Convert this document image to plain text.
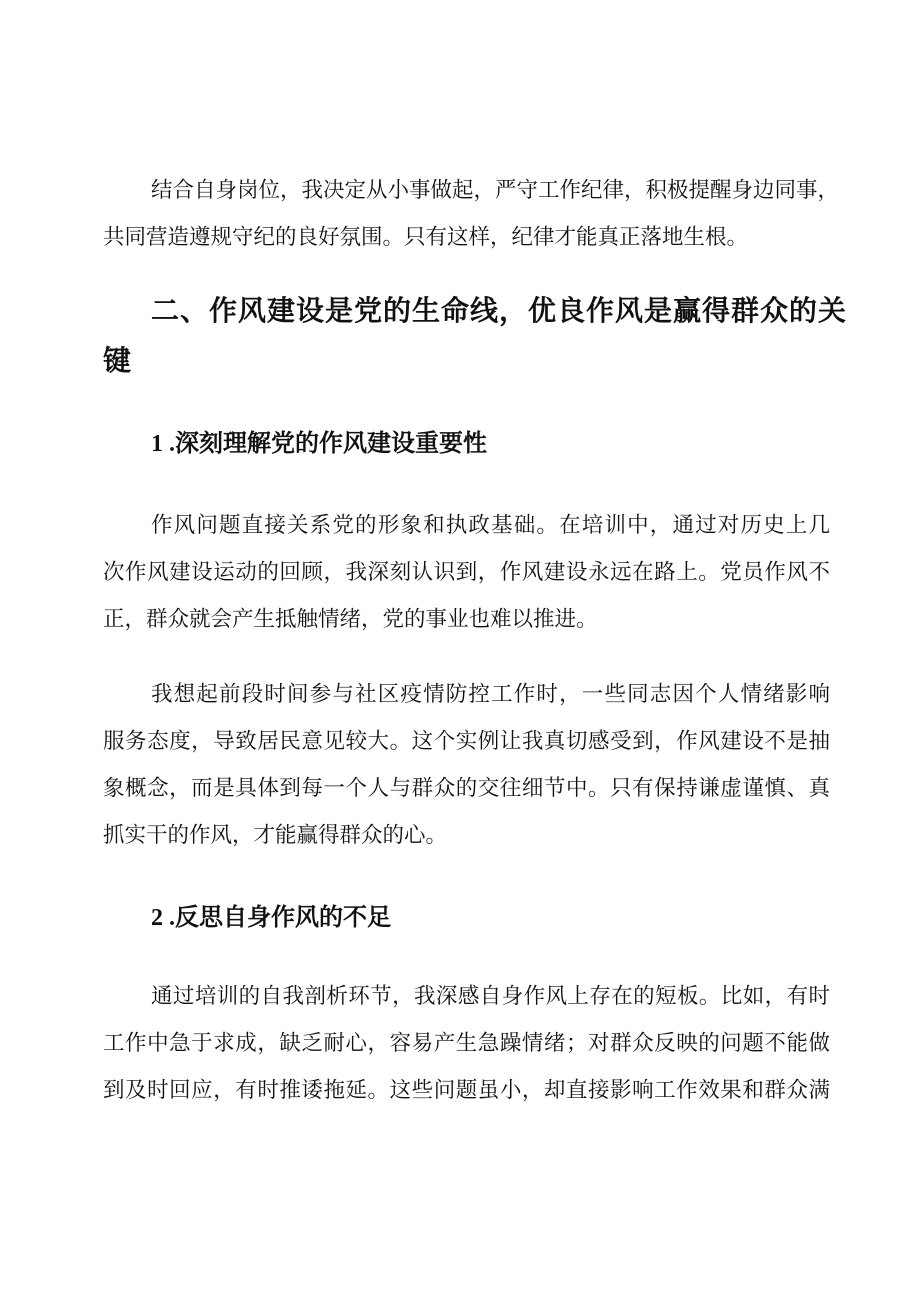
结合自身岗位，我决定从小事做起，严守工作纪律，积极提醒身边同事，
共同营造遵规守纪的良好氛围。只有这样，纪律才能真正落地生根。
二、作风建设是党的生命线，优良作风是赢得群众的关
键
1 .深刻理解党的作风建设重要性
作风问题直接关系党的形象和执政基础。在培训中，通过对历史上几
次作风建设运动的回顾，我深刻认识到，作风建设永远在路上。党员作风不
正，群众就会产生抵触情绪，党的事业也难以推进。
我想起前段时间参与社区疫情防控工作时，一些同志因个人情绪影响
服务态度，导致居民意见较大。这个实例让我真切感受到，作风建设不是抽
象概念，而是具体到每一个人与群众的交往细节中。只有保持谦虚谨慎、真
抓实干的作风，才能赢得群众的心。
2 .反思自身作风的不足
通过培训的自我剖析环节，我深感自身作风上存在的短板。比如，有时
工作中急于求成，缺乏耐心，容易产生急躁情绪；对群众反映的问题不能做
到及时回应，有时推诿拖延。这些问题虽小，却直接影响工作效果和群众满
